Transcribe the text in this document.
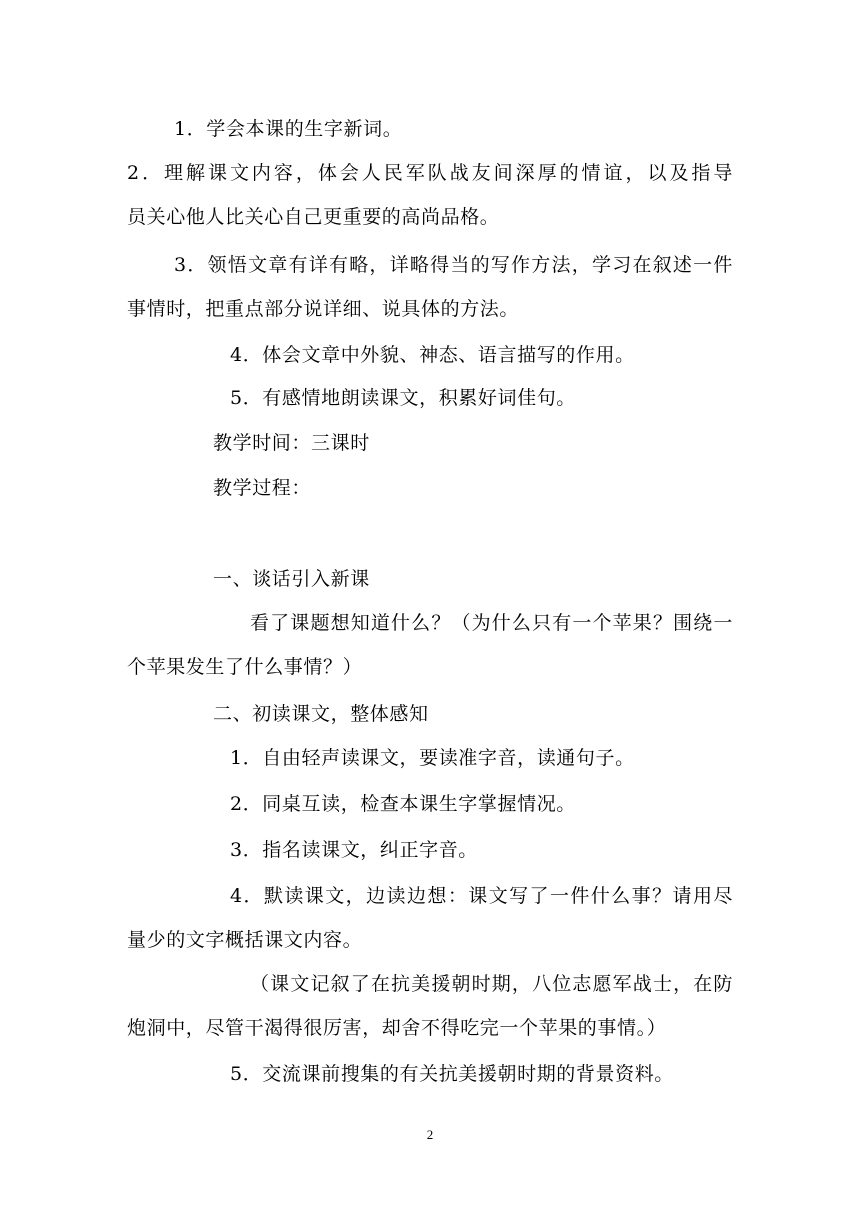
1．学会本课的生字新词。

2．理解课文内容，体会人民军队战友间深厚的情谊，以及指导

员关心他人比关心自己更重要的高尚品格。

3．领悟文章有详有略，详略得当的写作方法，学习在叙述一件

事情时，把重点部分说详细、说具体的方法。

4．体会文章中外貌、神态、语言描写的作用。

5．有感情地朗读课文，积累好词佳句。

教学时间：三课时

教学过程：

一、谈话引入新课

看了课题想知道什么？（为什么只有一个苹果？围绕一

个苹果发生了什么事情？）

二、初读课文，整体感知

1．自由轻声读课文，要读准字音，读通句子。

2．同桌互读，检查本课生字掌握情况。

3．指名读课文，纠正字音。

4．默读课文，边读边想：课文写了一件什么事？请用尽

量少的文字概括课文内容。

（课文记叙了在抗美援朝时期，八位志愿军战士，在防

炮洞中，尽管干渴得很厉害，却舍不得吃完一个苹果的事情。）

5．交流课前搜集的有关抗美援朝时期的背景资料。

2
